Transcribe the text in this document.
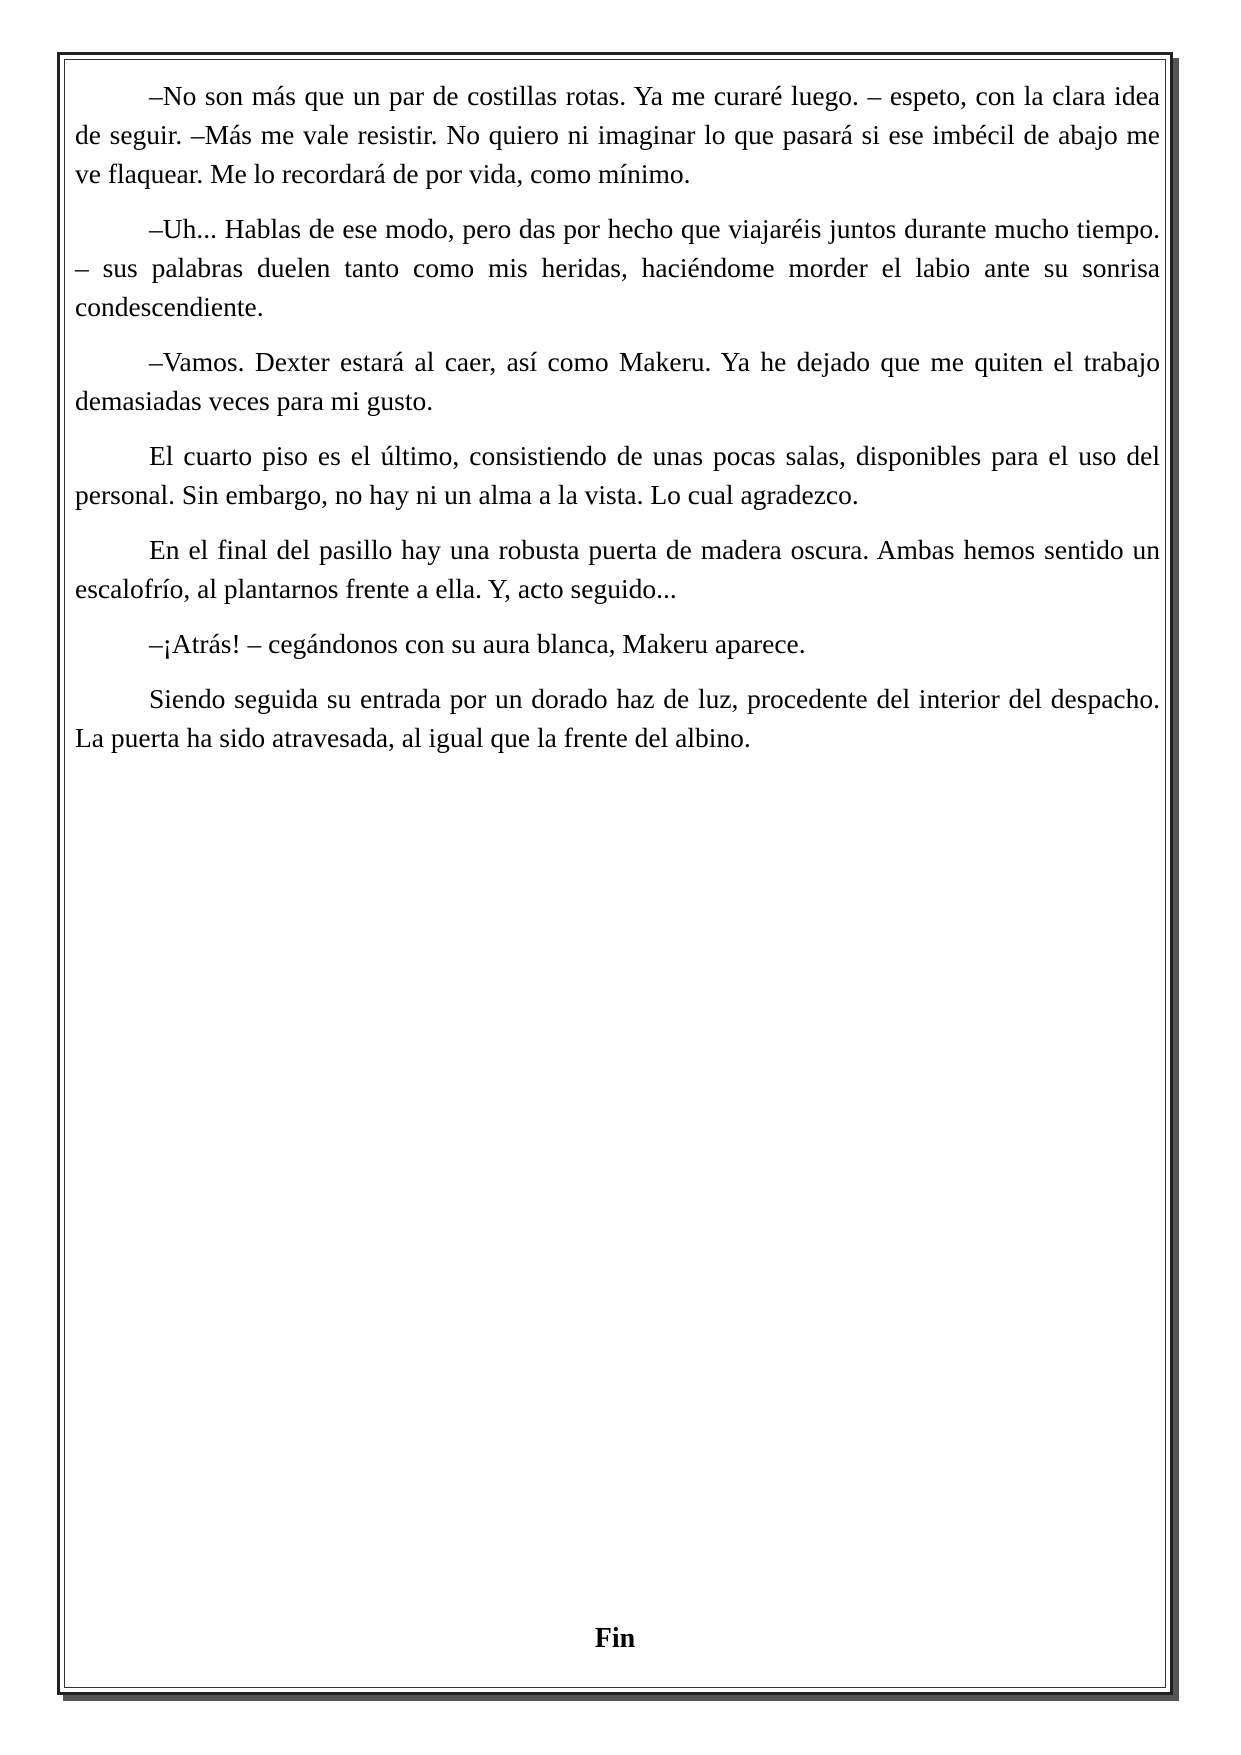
–No son más que un par de costillas rotas. Ya me curaré luego. – espeto, con la clara idea de seguir. –Más me vale resistir. No quiero ni imaginar lo que pasará si ese imbécil de abajo me ve flaquear. Me lo recordará de por vida, como mínimo.

–Uh... Hablas de ese modo, pero das por hecho que viajaréis juntos durante mucho tiempo. – sus palabras duelen tanto como mis heridas, haciéndome morder el labio ante su sonrisa condescendiente.

–Vamos. Dexter estará al caer, así como Makeru. Ya he dejado que me quiten el trabajo demasiadas veces para mi gusto.

El cuarto piso es el último, consistiendo de unas pocas salas, disponibles para el uso del personal. Sin embargo, no hay ni un alma a la vista. Lo cual agradezco.

En el final del pasillo hay una robusta puerta de madera oscura. Ambas hemos sentido un escalofrío, al plantarnos frente a ella. Y, acto seguido...

–¡Atrás! – cegándonos con su aura blanca, Makeru aparece.

Siendo seguida su entrada por un dorado haz de luz, procedente del interior del despacho. La puerta ha sido atravesada, al igual que la frente del albino.

Fin
